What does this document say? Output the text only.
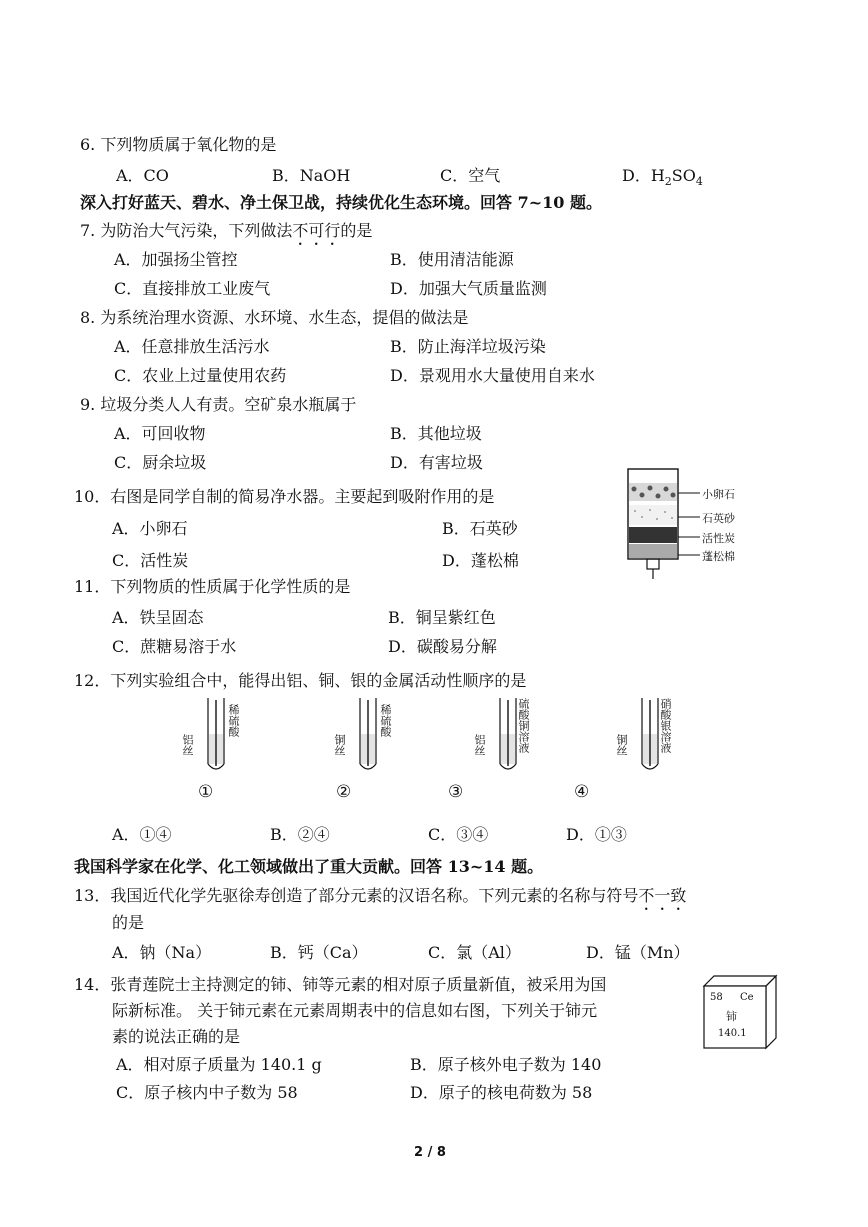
6. 下列物质属于氧化物的是
A．CO	B．NaOH	C．空气	D．$H_2SO_4$
深入打好蓝天、碧水、净土保卫战，持续优化生态环境。回答 7~10 题。
7. 为防治大气污染，下列做法不可行的是
A．加强扬尘管控	B．使用清洁能源
C．直接排放工业废气	D．加强大气质量监测
8. 为系统治理水资源、水环境、水生态，提倡的做法是
A．任意排放生活污水	B．防止海洋垃圾污染
C．农业上过量使用农药	D．景观用水大量使用自来水
9. 垃圾分类人人有责。空矿泉水瓶属于
A．可回收物	B．其他垃圾
C．厨余垃圾	D．有害垃圾
10．右图是同学自制的简易净水器。主要起到吸附作用的是
A．小卵石	B．石英砂
C．活性炭	D．蓬松棉
小卵石
石英砂
活性炭
蓬松棉
11．下列物质的性质属于化学性质的是
A．铁呈固态	B．铜呈紫红色
C．蔗糖易溶于水	D．碳酸易分解
12．下列实验组合中，能得出铝、铜、银的金属活动性顺序的是
铝丝
稀硫酸
①
铜丝
稀硫酸
②
铝丝	硫酸铜溶液
③
铜丝	硝酸银溶液
④
A．①④	B．②④	C．③④	D．①③
我国科学家在化学、化工领域做出了重大贡献。回答 13~14 题。
13．我国近代化学先驱徐寿创造了部分元素的汉语名称。下列元素的名称与符号不一致
的是
A．钠（Na）	B．钙（Ca）	C．氯（Al）	D．锰（Mn）
14．张青莲院士主持测定的铈、铈等元素的相对原子质量新值，被采用为国
际新标准。 关于铈元素在元素周期表中的信息如右图，下列关于铈元
素的说法正确的是
A．相对原子质量为 140.1 g	B．原子核外电子数为 140
C．原子核内中子数为 58	D．原子的核电荷数为 58
58 Ce
铈
140.1
2 / 8
